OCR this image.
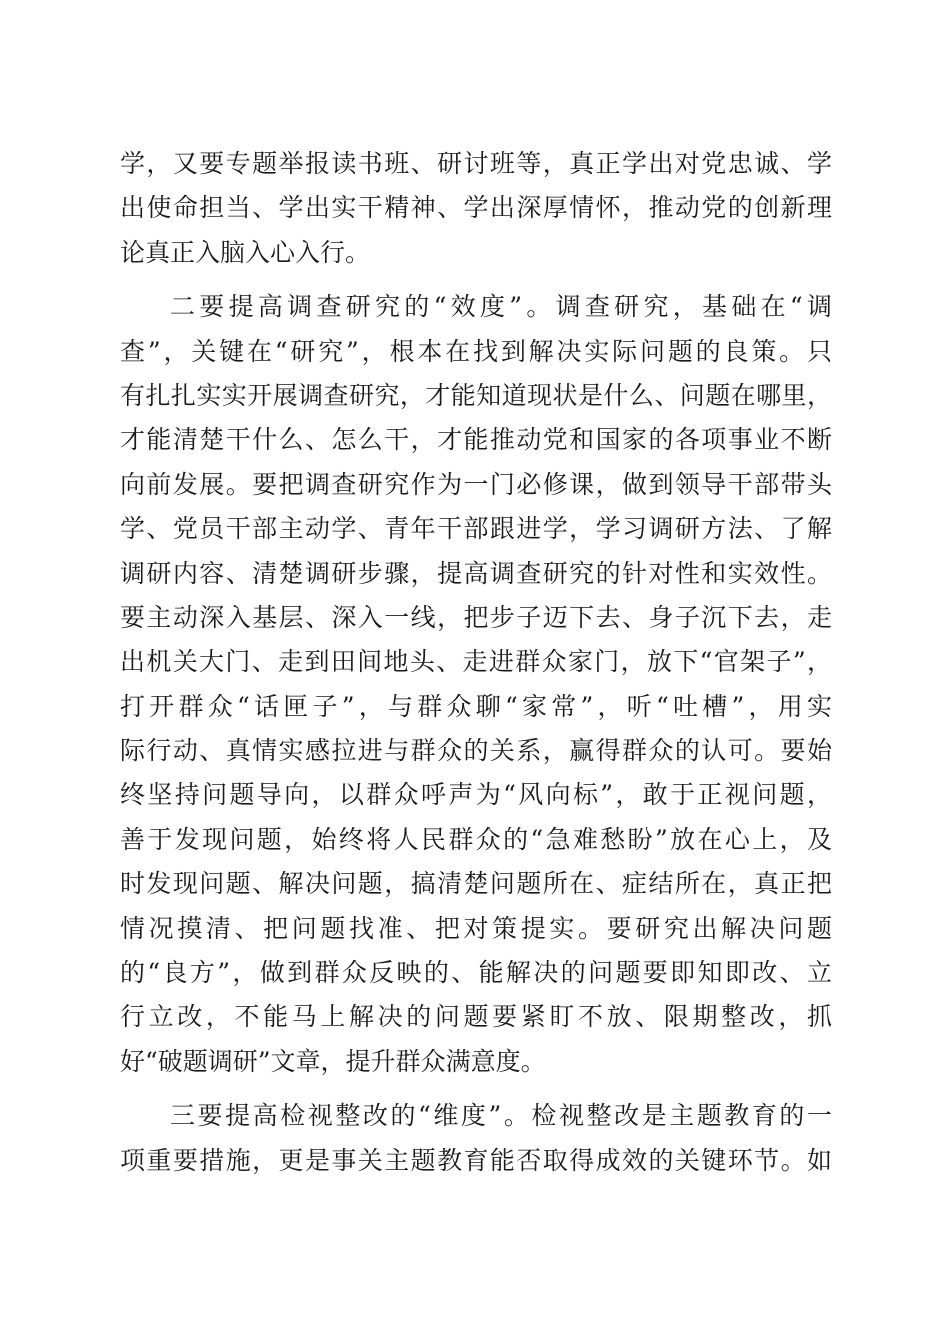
学，又要专题举报读书班、研讨班等，真正学出对党忠诚、学
出使命担当、学出实干精神、学出深厚情怀，推动党的创新理
论真正入脑入心入行。
二要提高调查研究的“效度”。调查研究，基础在“调
查”，关键在“研究”，根本在找到解决实际问题的良策。只
有扎扎实实开展调查研究，才能知道现状是什么、问题在哪里，
才能清楚干什么、怎么干，才能推动党和国家的各项事业不断
向前发展。要把调查研究作为一门必修课，做到领导干部带头
学、党员干部主动学、青年干部跟进学，学习调研方法、了解
调研内容、清楚调研步骤，提高调查研究的针对性和实效性。
要主动深入基层、深入一线，把步子迈下去、身子沉下去，走
出机关大门、走到田间地头、走进群众家门，放下“官架子”，
打开群众“话匣子”，与群众聊“家常”，听“吐槽”，用实
际行动、真情实感拉进与群众的关系，赢得群众的认可。要始
终坚持问题导向，以群众呼声为“风向标”，敢于正视问题，
善于发现问题，始终将人民群众的“急难愁盼”放在心上，及
时发现问题、解决问题，搞清楚问题所在、症结所在，真正把
情况摸清、把问题找准、把对策提实。要研究出解决问题
的“良方”，做到群众反映的、能解决的问题要即知即改、立
行立改，不能马上解决的问题要紧盯不放、限期整改，抓
好“破题调研”文章，提升群众满意度。
三要提高检视整改的“维度”。检视整改是主题教育的一
项重要措施，更是事关主题教育能否取得成效的关键环节。如
